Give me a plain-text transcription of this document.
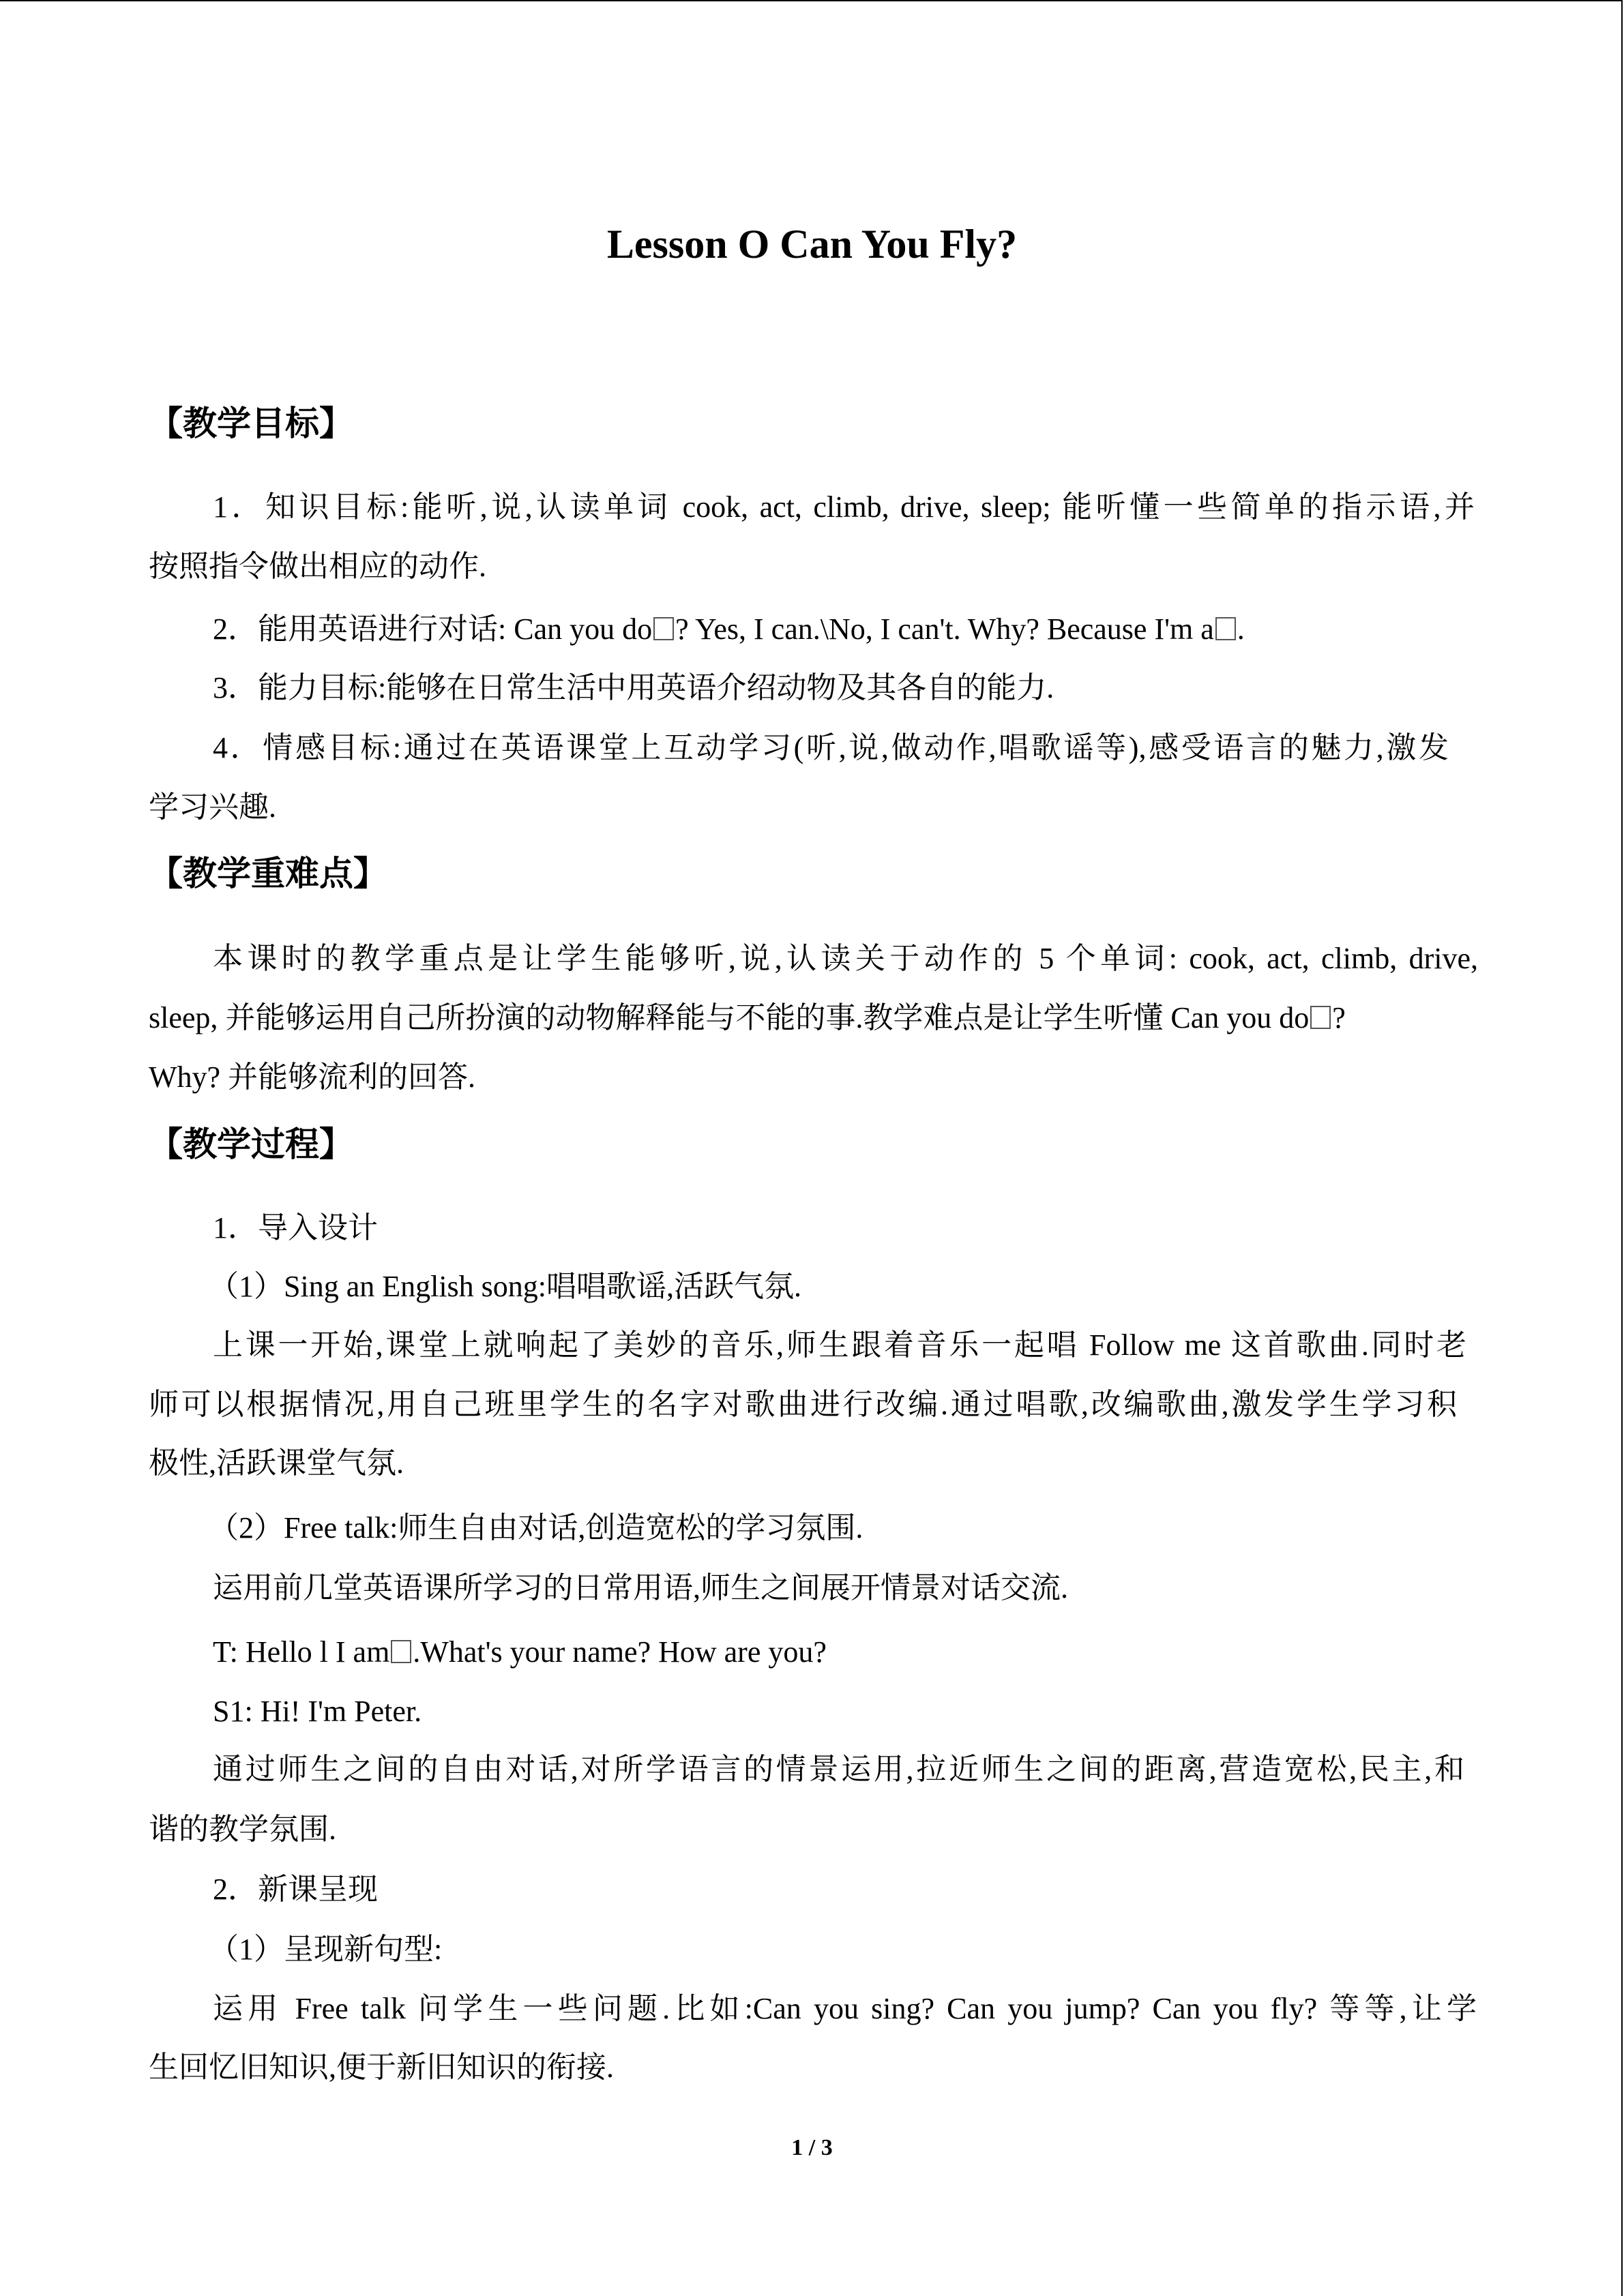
Lesson O Can You Fly?
【教学目标】
1．知识目标:能听,说,认读单词 cook, act, climb, drive, sleep; 能听懂一些简单的指示语,并
按照指令做出相应的动作.
2．能用英语进行对话: Can you do ? Yes, I can.\No, I can't. Why? Because I'm a .
3．能力目标:能够在日常生活中用英语介绍动物及其各自的能力.
4．情感目标:通过在英语课堂上互动学习(听,说,做动作,唱歌谣等),感受语言的魅力,激发
学习兴趣.
【教学重难点】
本课时的教学重点是让学生能够听,说,认读关于动作的 5 个单词: cook, act, climb, drive,
sleep, 并能够运用自己所扮演的动物解释能与不能的事.教学难点是让学生听懂 Can you do ?
Why? 并能够流利的回答.
【教学过程】
1．导入设计
（1）Sing an English song:唱唱歌谣,活跃气氛.
上课一开始,课堂上就响起了美妙的音乐,师生跟着音乐一起唱 Follow me 这首歌曲.同时老
师可以根据情况,用自己班里学生的名字对歌曲进行改编.通过唱歌,改编歌曲,激发学生学习积
极性,活跃课堂气氛.
（2）Free talk:师生自由对话,创造宽松的学习氛围.
运用前几堂英语课所学习的日常用语,师生之间展开情景对话交流.
T: Hello l I am .What's your name? How are you?
S1: Hi! I'm Peter.
通过师生之间的自由对话,对所学语言的情景运用,拉近师生之间的距离,营造宽松,民主,和
谐的教学氛围.
2．新课呈现
（1）呈现新句型:
运用 Free talk 问学生一些问题.比如:Can you sing? Can you jump? Can you fly? 等等,让学
生回忆旧知识,便于新旧知识的衔接.
1 / 3
